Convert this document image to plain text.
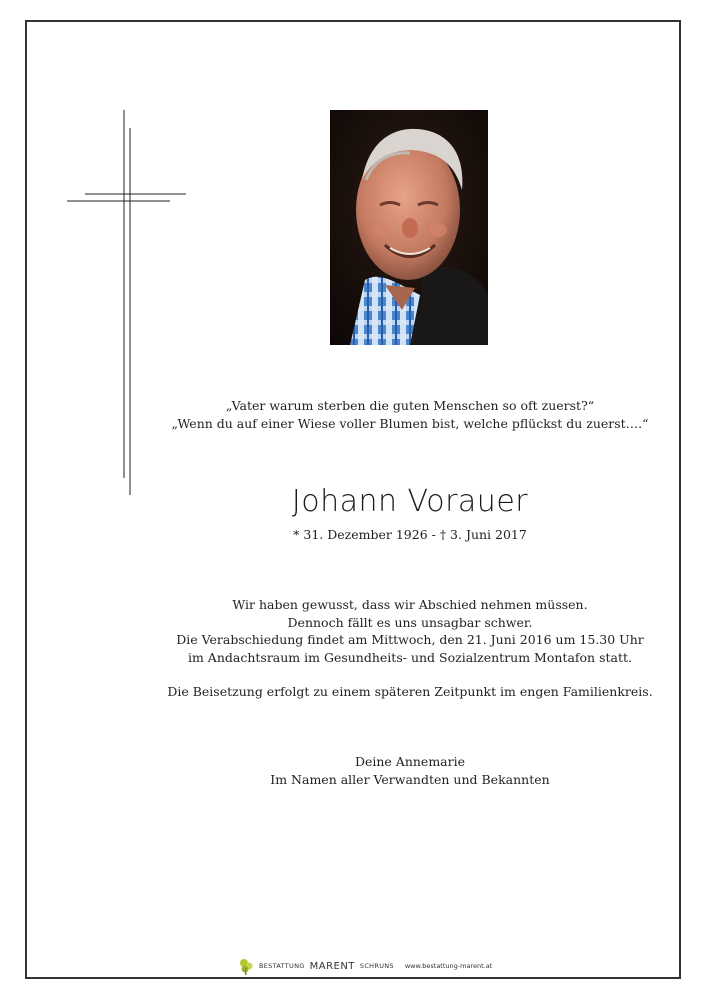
„Vater warum sterben die guten Menschen so oft zuerst?“
„Wenn du auf einer Wiese voller Blumen bist, welche pflückst du zuerst….“
Johann Vorauer
* 31. Dezember 1926 - † 3. Juni 2017
Wir haben gewusst, dass wir Abschied nehmen müssen.
Dennoch fällt es uns unsagbar schwer.
Die Verabschiedung findet am Mittwoch, den 21. Juni 2016 um 15.30 Uhr
im Andachtsraum im Gesundheits- und Sozialzentrum Montafon statt.
Die Beisetzung erfolgt zu einem späteren Zeitpunkt im engen Familienkreis.
Deine Annemarie
Im Namen aller Verwandten und Bekannten
BESTATTUNG MARENT SCHRUNS www.bestattung-marent.at
